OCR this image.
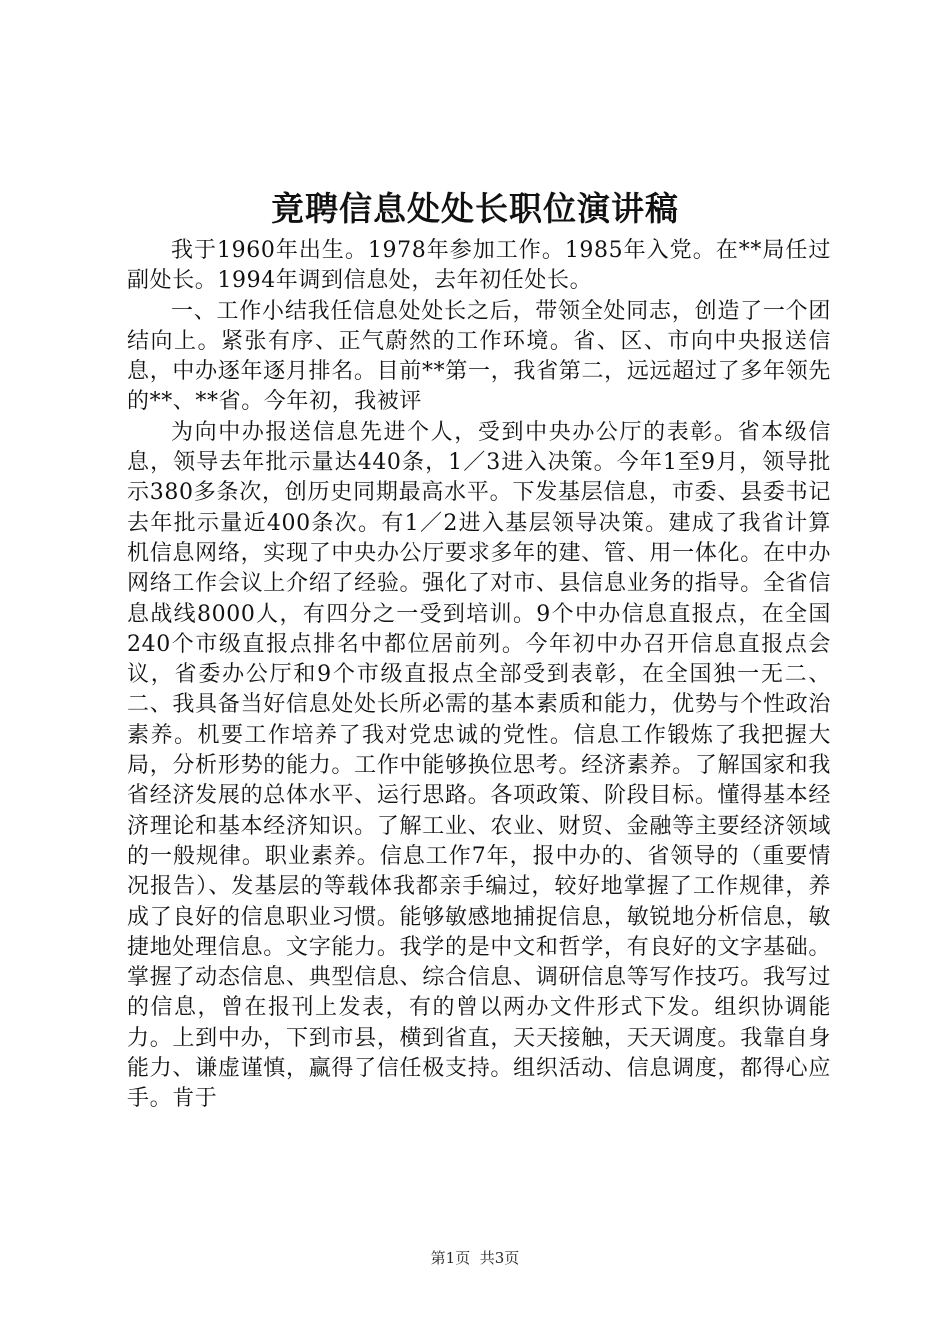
竟聘信息处处长职位演讲稿

我于1960年出生。1978年参加工作。1985年入党。在**局任过副处长。1994年调到信息处，去年初任处长。

一、工作小结我任信息处处长之后，带领全处同志，创造了一个团结向上。紧张有序、正气蔚然的工作环境。省、区、市向中央报送信息，中办逐年逐月排名。目前**第一，我省第二，远远超过了多年领先的**、**省。今年初，我被评

为向中办报送信息先进个人，受到中央办公厅的表彰。省本级信息，领导去年批示量达440条，1／3进入决策。今年1至9月，领导批示380多条次，创历史同期最高水平。下发基层信息，市委、县委书记去年批示量近400条次。有1／2进入基层领导决策。建成了我省计算机信息网络，实现了中央办公厅要求多年的建、管、用一体化。在中办网络工作会议上介绍了经验。强化了对市、县信息业务的指导。全省信息战线8000人，有四分之一受到培训。9个中办信息直报点，在全国240个市级直报点排名中都位居前列。今年初中办召开信息直报点会议，省委办公厅和9个市级直报点全部受到表彰，在全国独一无二、二、我具备当好信息处处长所必需的基本素质和能力，优势与个性政治素养。机要工作培养了我对党忠诚的党性。信息工作锻炼了我把握大局，分析形势的能力。工作中能够换位思考。经济素养。了解国家和我省经济发展的总体水平、运行思路。各项政策、阶段目标。懂得基本经济理论和基本经济知识。了解工业、农业、财贸、金融等主要经济领域的一般规律。职业素养。信息工作7年，报中办的、省领导的（重要情况报告）、发基层的等载体我都亲手编过，较好地掌握了工作规律，养成了良好的信息职业习惯。能够敏感地捕捉信息，敏锐地分析信息，敏捷地处理信息。文字能力。我学的是中文和哲学，有良好的文字基础。掌握了动态信息、典型信息、综合信息、调研信息等写作技巧。我写过的信息，曾在报刊上发表，有的曾以两办文件形式下发。组织协调能力。上到中办，下到市县，横到省直，天天接触，天天调度。我靠自身能力、谦虚谨慎，赢得了信任极支持。组织活动、信息调度，都得心应手。肯于

第1页 共3页
